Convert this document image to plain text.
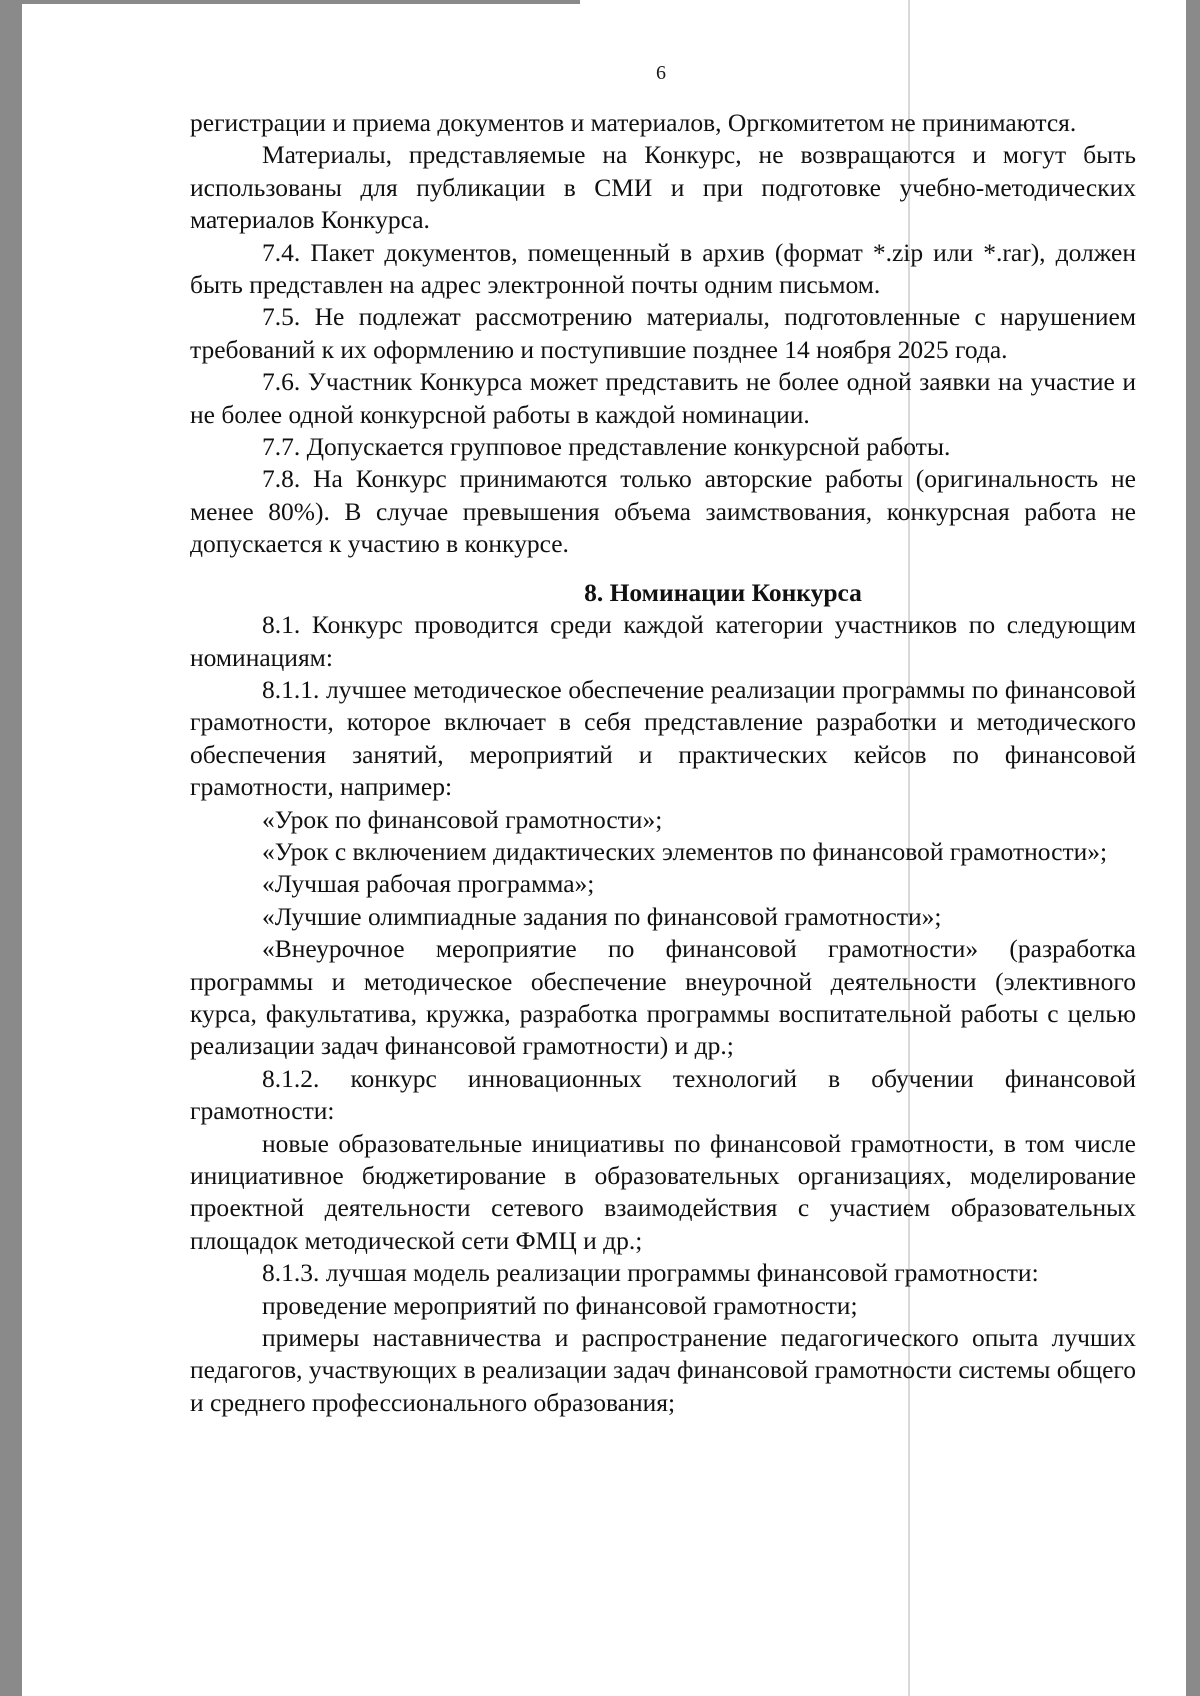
6

регистрации и приема документов и материалов, Оргкомитетом не принимаются.

Материалы, представляемые на Конкурс, не возвращаются и могут быть использованы для публикации в СМИ и при подготовке учебно-методических материалов Конкурса.

7.4. Пакет документов, помещенный в архив (формат *.zip или *.rar), должен быть представлен на адрес электронной почты одним письмом.

7.5. Не подлежат рассмотрению материалы, подготовленные с нарушением требований к их оформлению и поступившие позднее 14 ноября 2025 года.

7.6. Участник Конкурса может представить не более одной заявки на участие и не более одной конкурсной работы в каждой номинации.

7.7. Допускается групповое представление конкурсной работы.

7.8. На Конкурс принимаются только авторские работы (оригинальность не менее 80%). В случае превышения объема заимствования, конкурсная работа не допускается к участию в конкурсе.

8. Номинации Конкурса

8.1. Конкурс проводится среди каждой категории участников по следующим номинациям:

8.1.1. лучшее методическое обеспечение реализации программы по финансовой грамотности, которое включает в себя представление разработки и методического обеспечения занятий, мероприятий и практических кейсов по финансовой грамотности, например:

«Урок по финансовой грамотности»;

«Урок с включением дидактических элементов по финансовой грамотности»;

«Лучшая рабочая программа»;

«Лучшие олимпиадные задания по финансовой грамотности»;

«Внеурочное мероприятие по финансовой грамотности» (разработка программы и методическое обеспечение внеурочной деятельности (элективного курса, факультатива, кружка, разработка программы воспитательной работы с целью реализации задач финансовой грамотности) и др.;

8.1.2. конкурс инновационных технологий в обучении финансовой грамотности:

новые образовательные инициативы по финансовой грамотности, в том числе инициативное бюджетирование в образовательных организациях, моделирование проектной деятельности сетевого взаимодействия с участием образовательных площадок методической сети ФМЦ и др.;

8.1.3. лучшая модель реализации программы финансовой грамотности:

проведение мероприятий по финансовой грамотности;

примеры наставничества и распространение педагогического опыта лучших педагогов, участвующих в реализации задач финансовой грамотности системы общего и среднего профессионального образования;
